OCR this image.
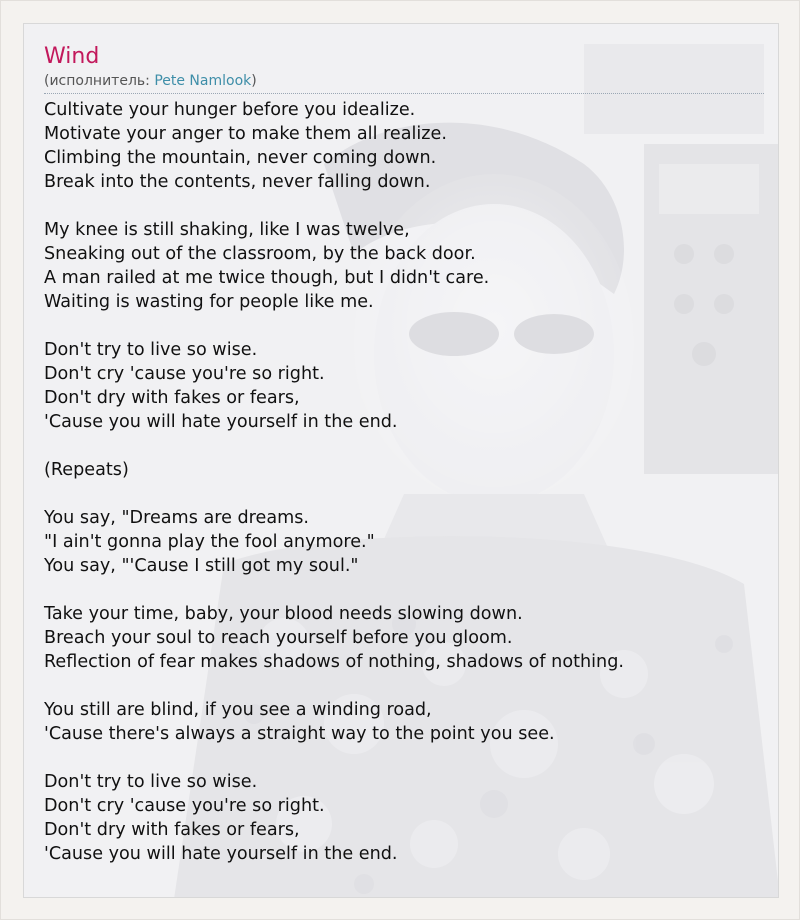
Wind
(исполнитель: Pete Namlook)
Cultivate your hunger before you idealize.
Motivate your anger to make them all realize.
Climbing the mountain, never coming down.
Break into the contents, never falling down.
My knee is still shaking, like I was twelve,
Sneaking out of the classroom, by the back door.
A man railed at me twice though, but I didn't care.
Waiting is wasting for people like me.
Don't try to live so wise.
Don't cry 'cause you're so right.
Don't dry with fakes or fears,
'Cause you will hate yourself in the end.
(Repeats)
You say, "Dreams are dreams.
"I ain't gonna play the fool anymore."
You say, "'Cause I still got my soul."
Take your time, baby, your blood needs slowing down.
Breach your soul to reach yourself before you gloom.
Reflection of fear makes shadows of nothing, shadows of nothing.
You still are blind, if you see a winding road,
'Cause there's always a straight way to the point you see.
Don't try to live so wise.
Don't cry 'cause you're so right.
Don't dry with fakes or fears,
'Cause you will hate yourself in the end.
